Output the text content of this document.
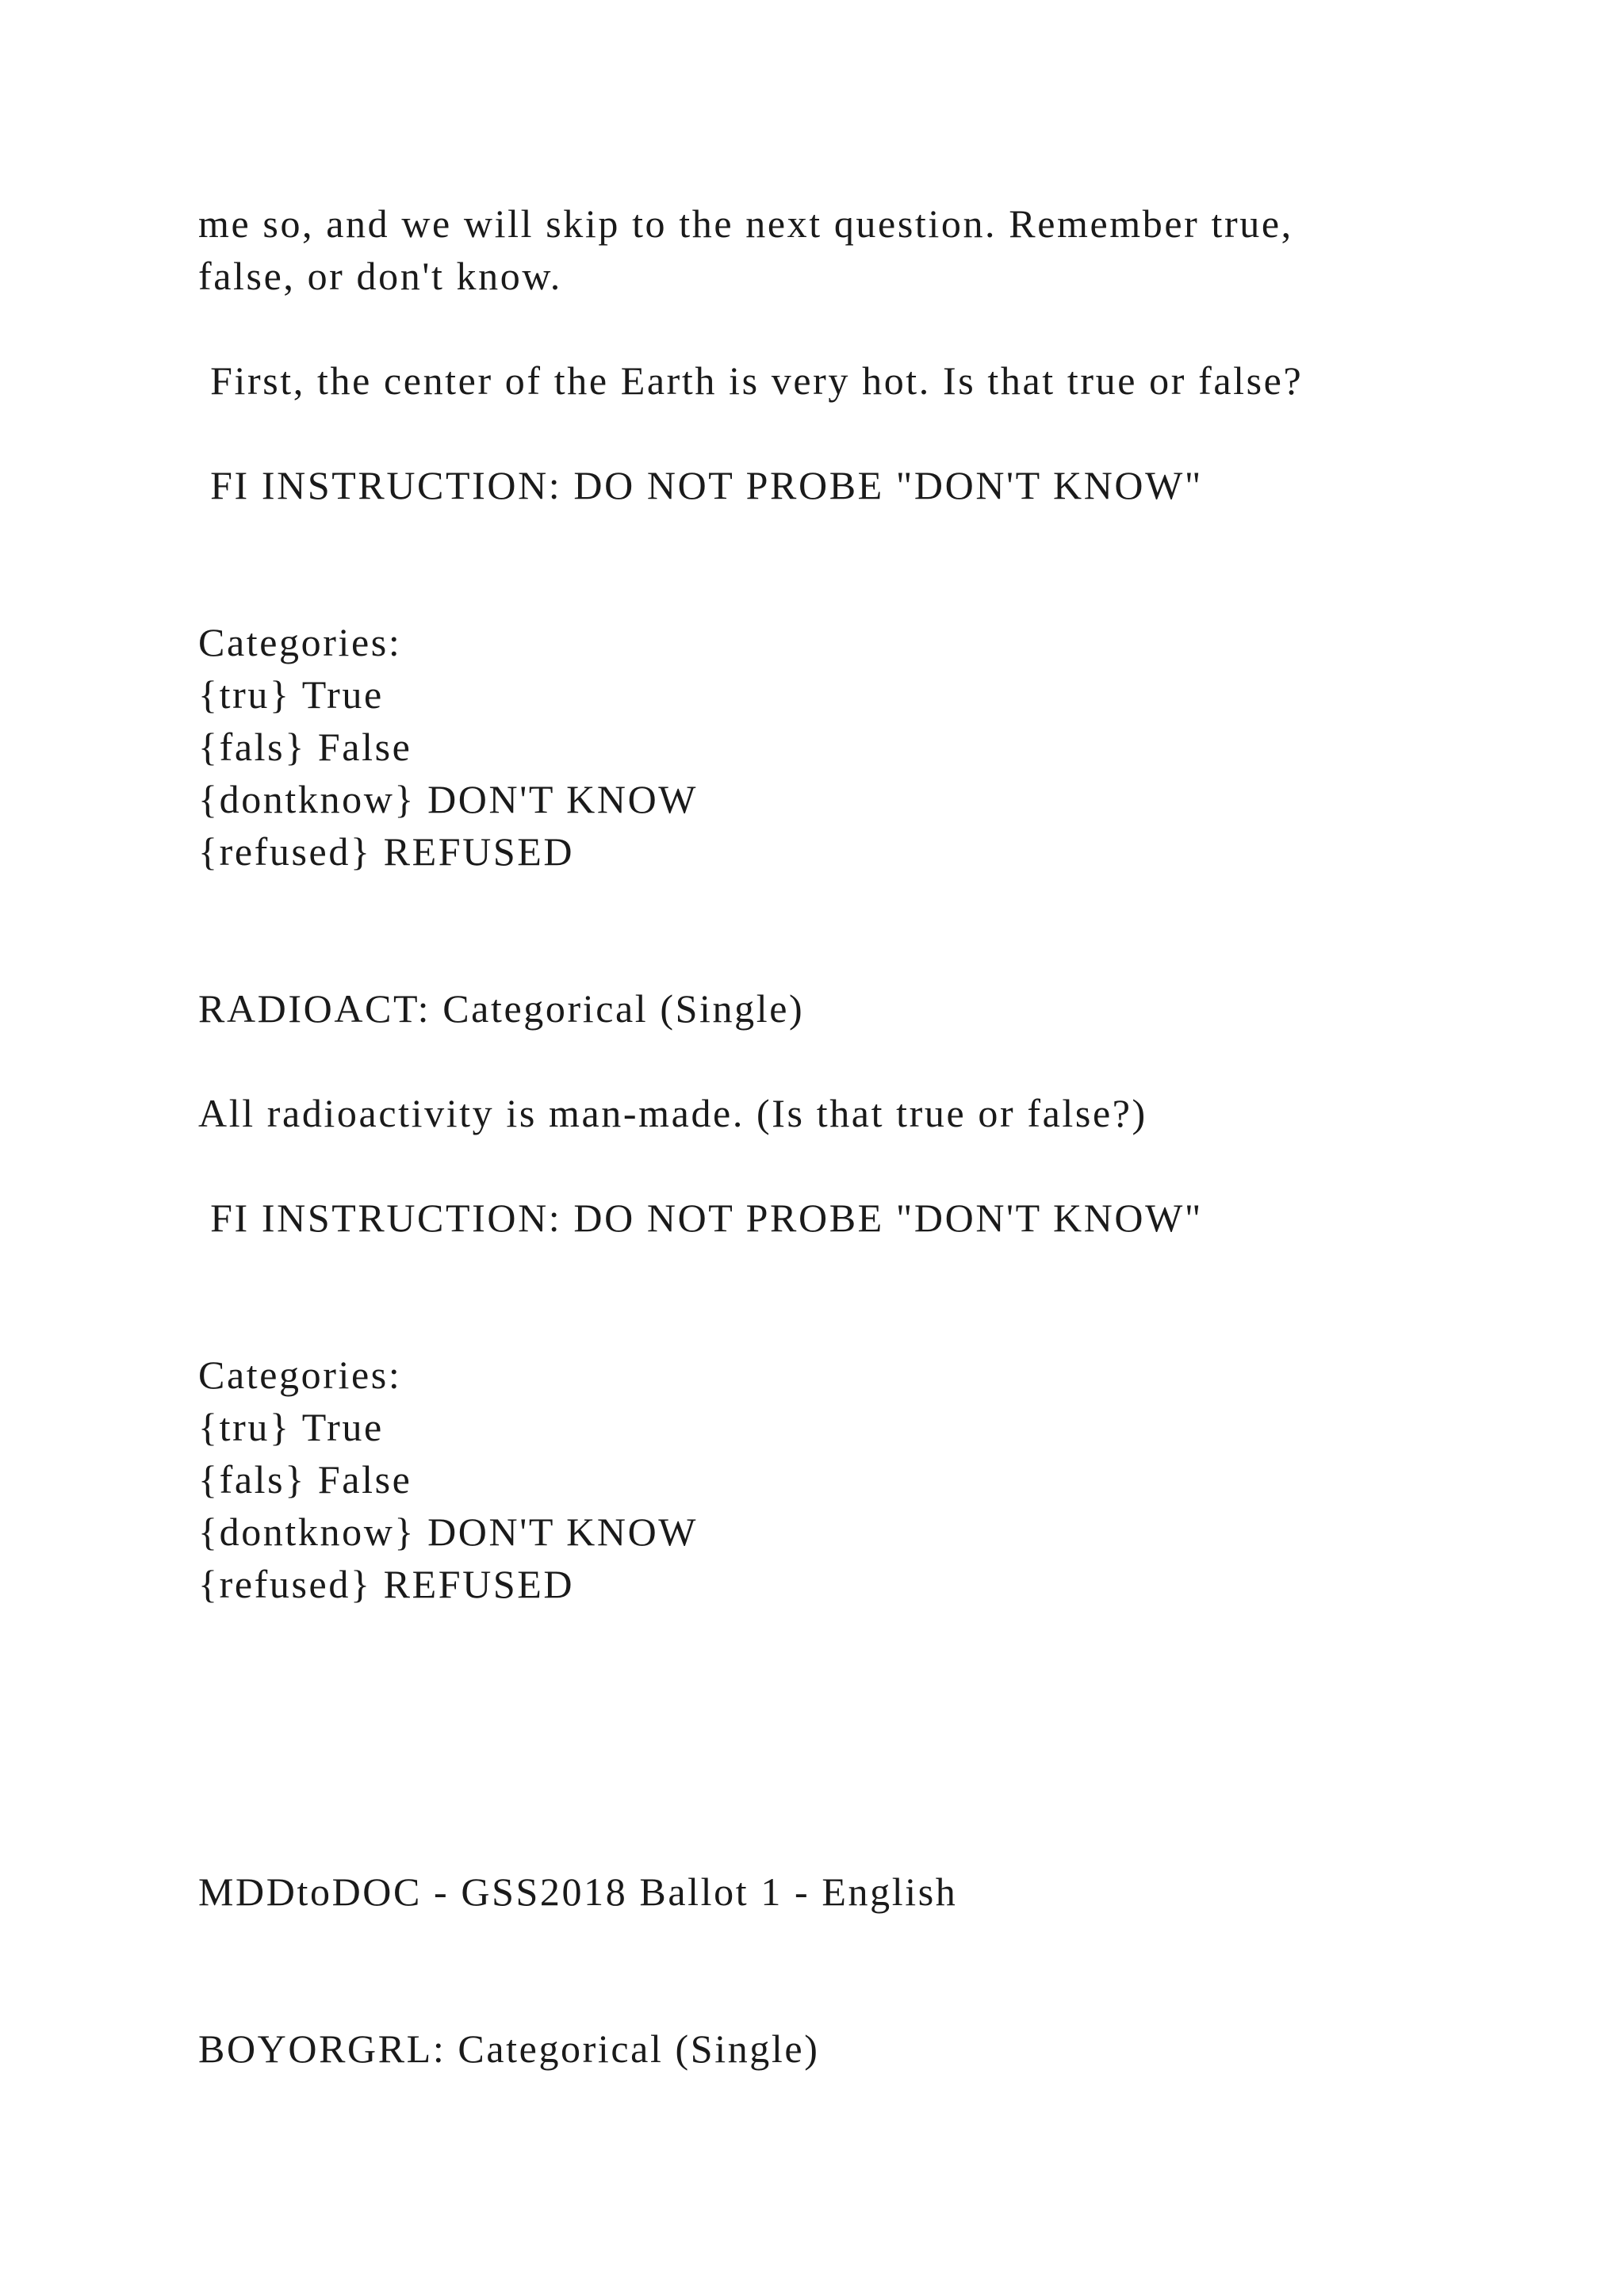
me so, and we will skip to the next question. Remember true,
false, or don't know.
First, the center of the Earth is very hot. Is that true or false?
FI INSTRUCTION: DO NOT PROBE "DON'T KNOW"
Categories:
{tru} True
{fals} False
{dontknow} DON'T KNOW
{refused} REFUSED
RADIOACT: Categorical (Single)
All radioactivity is man-made. (Is that true or false?)
FI INSTRUCTION: DO NOT PROBE "DON'T KNOW"
Categories:
{tru} True
{fals} False
{dontknow} DON'T KNOW
{refused} REFUSED
MDDtoDOC - GSS2018 Ballot 1 - English
BOYORGRL: Categorical (Single)
